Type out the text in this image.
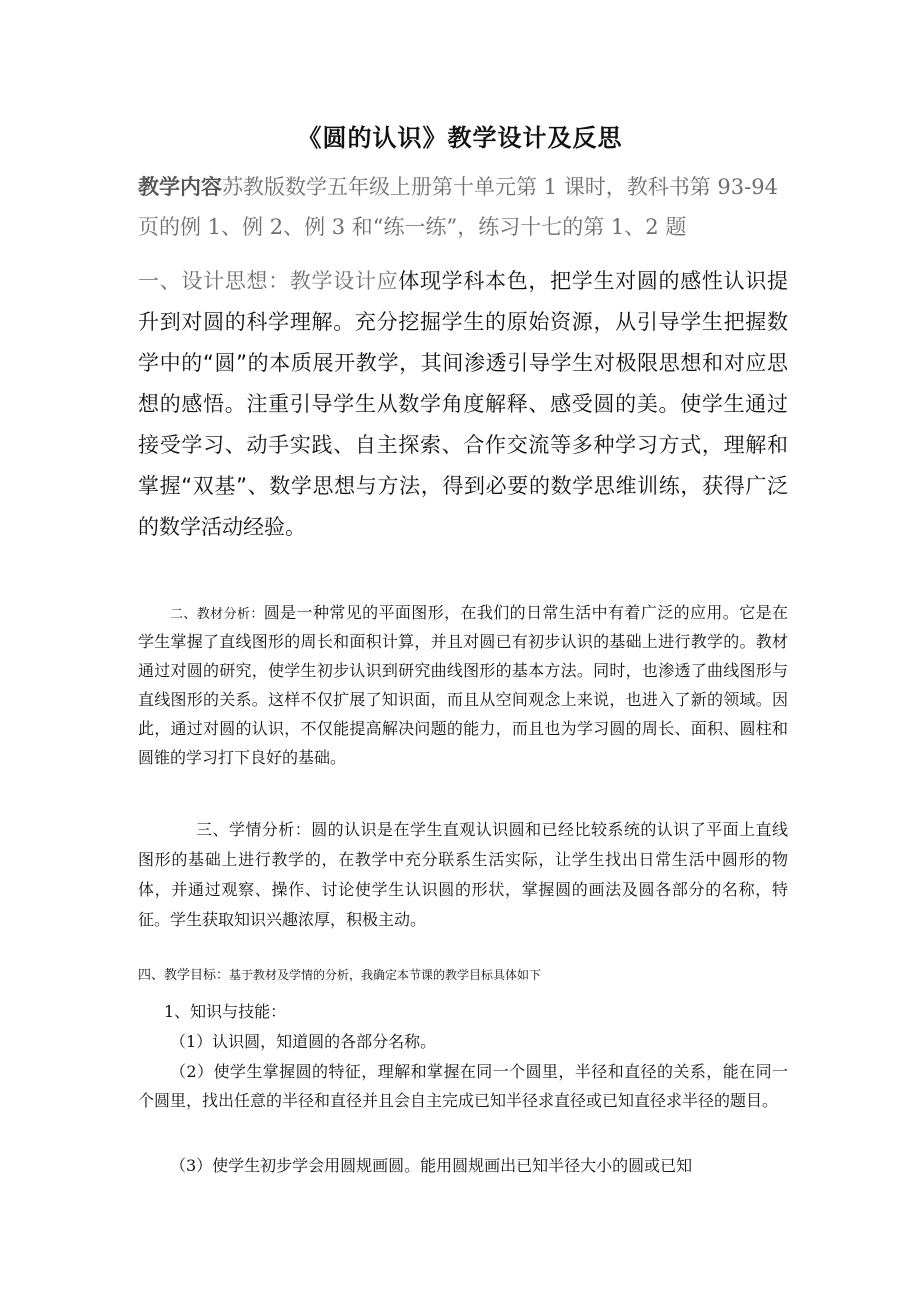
《圆的认识》教学设计及反思

教学内容苏教版数学五年级上册第十单元第 1 课时，教科书第 93-94
页的例 1、例 2、例 3 和“练一练”，练习十七的第 1、2 题

一、设计思想：教学设计应体现学科本色，把学生对圆的感性认识提升到对圆的科学理解。充分挖掘学生的原始资源，从引导学生把握数学中的“圆”的本质展开教学，其间渗透引导学生对极限思想和对应思想的感悟。注重引导学生从数学角度解释、感受圆的美。使学生通过接受学习、动手实践、自主探索、合作交流等多种学习方式，理解和掌握“双基”、数学思想与方法，得到必要的数学思维训练，获得广泛的数学活动经验。

二、教材分析：圆是一种常见的平面图形，在我们的日常生活中有着广泛的应用。它是在学生掌握了直线图形的周长和面积计算，并且对圆已有初步认识的基础上进行教学的。教材通过对圆的研究，使学生初步认识到研究曲线图形的基本方法。同时，也渗透了曲线图形与直线图形的关系。这样不仅扩展了知识面，而且从空间观念上来说，也进入了新的领域。因此，通过对圆的认识，不仅能提高解决问题的能力，而且也为学习圆的周长、面积、圆柱和圆锥的学习打下良好的基础。

三、学情分析：圆的认识是在学生直观认识圆和已经比较系统的认识了平面上直线图形的基础上进行教学的，在教学中充分联系生活实际，让学生找出日常生活中圆形的物体，并通过观察、操作、讨论使学生认识圆的形状，掌握圆的画法及圆各部分的名称，特征。学生获取知识兴趣浓厚，积极主动。

四、教学目标：基于教材及学情的分析，我确定本节课的教学目标具体如下

1、知识与技能：

（1）认识圆，知道圆的各部分名称。

（2）使学生掌握圆的特征，理解和掌握在同一个圆里，半径和直径的关系，能在同一个圆里，找出任意的半径和直径并且会自主完成已知半径求直径或已知直径求半径的题目。

（3）使学生初步学会用圆规画圆。能用圆规画出已知半径大小的圆或已知
